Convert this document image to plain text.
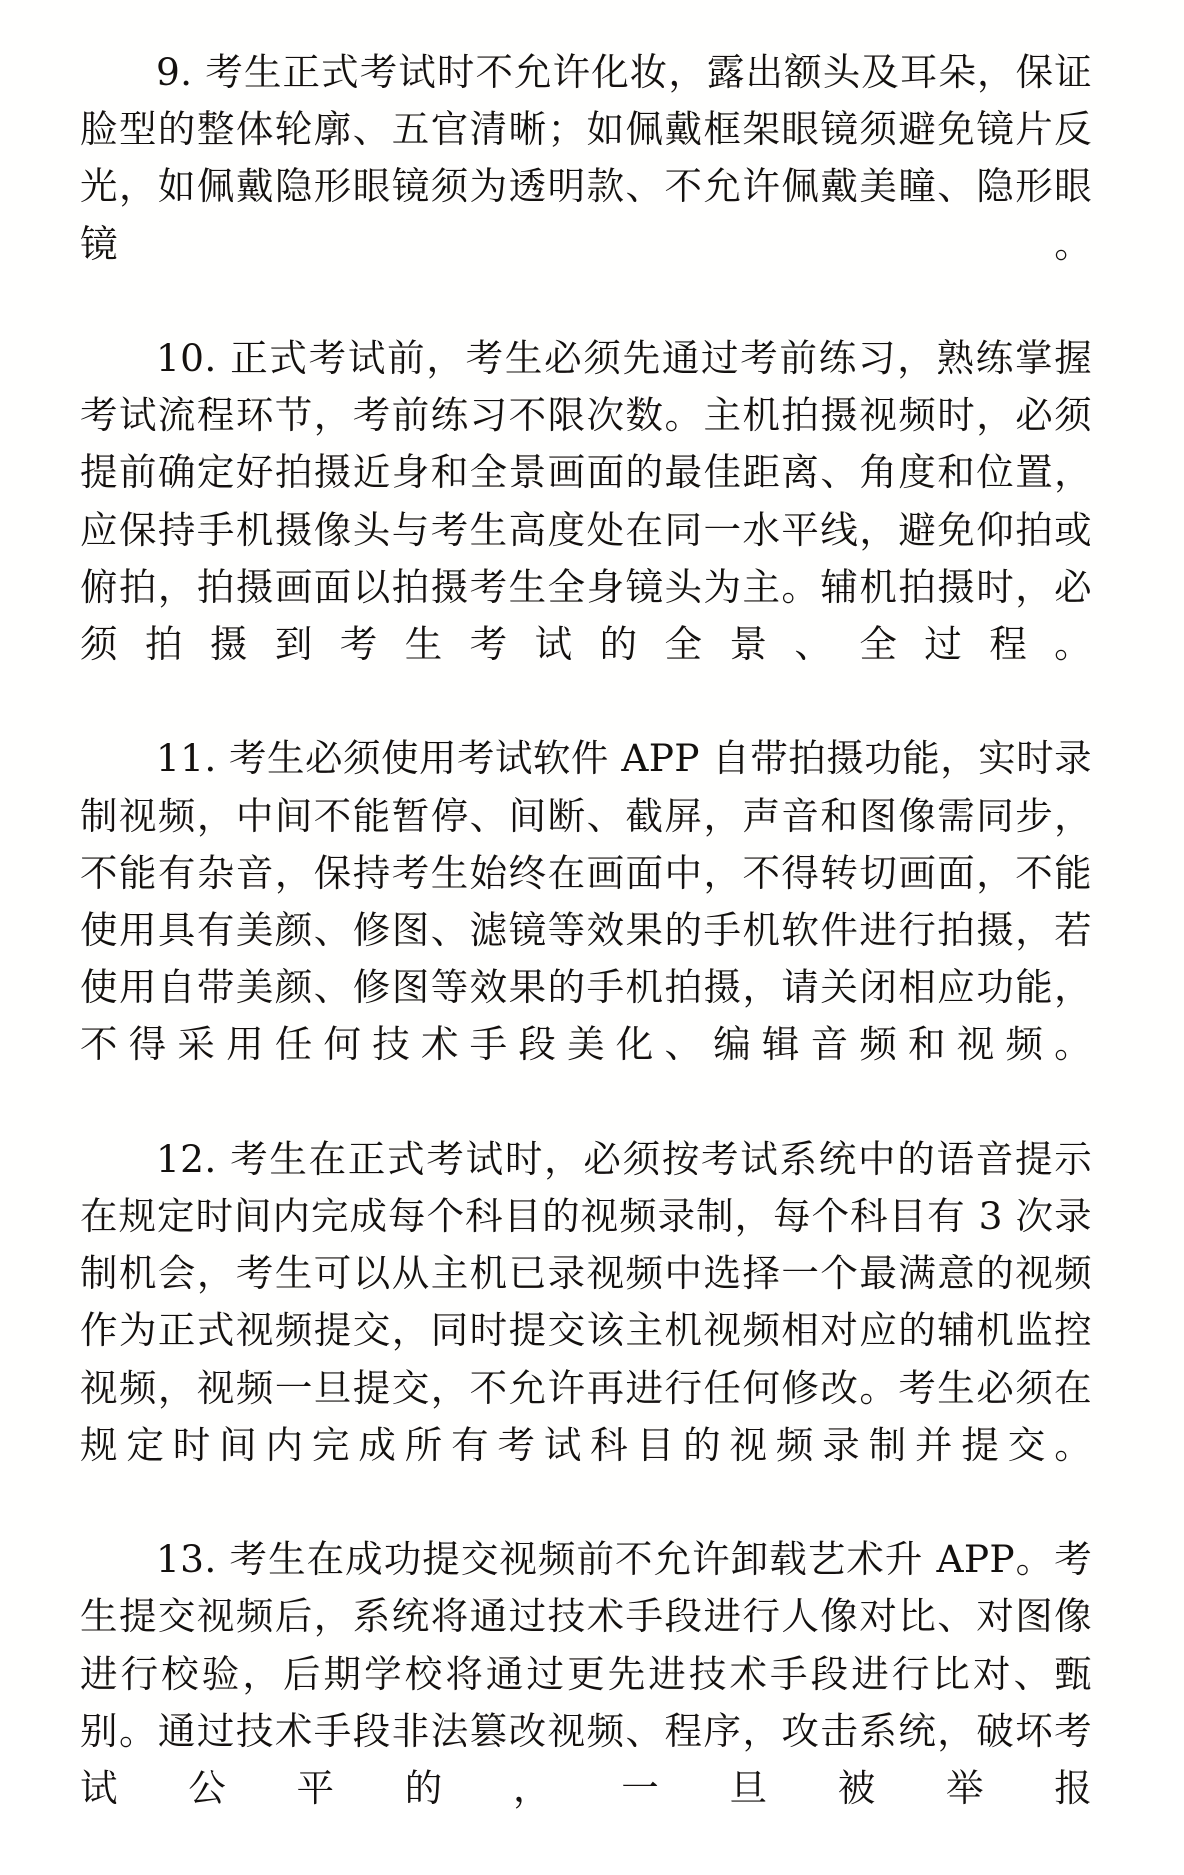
9. 考生正式考试时不允许化妆，露出额头及耳朵，保证脸型的整体轮廓、五官清晰；如佩戴框架眼镜须避免镜片反光，如佩戴隐形眼镜须为透明款、不允许佩戴美瞳、隐形眼镜。

10. 正式考试前，考生必须先通过考前练习，熟练掌握考试流程环节，考前练习不限次数。主机拍摄视频时，必须提前确定好拍摄近身和全景画面的最佳距离、角度和位置，应保持手机摄像头与考生高度处在同一水平线，避免仰拍或俯拍，拍摄画面以拍摄考生全身镜头为主。辅机拍摄时，必须拍摄到考生考试的全景、全过程。

11. 考生必须使用考试软件 APP 自带拍摄功能，实时录制视频，中间不能暂停、间断、截屏，声音和图像需同步，不能有杂音，保持考生始终在画面中，不得转切画面，不能使用具有美颜、修图、滤镜等效果的手机软件进行拍摄，若使用自带美颜、修图等效果的手机拍摄，请关闭相应功能，不得采用任何技术手段美化、编辑音频和视频。

12. 考生在正式考试时，必须按考试系统中的语音提示在规定时间内完成每个科目的视频录制，每个科目有 3 次录制机会，考生可以从主机已录视频中选择一个最满意的视频作为正式视频提交，同时提交该主机视频相对应的辅机监控视频，视频一旦提交，不允许再进行任何修改。考生必须在规定时间内完成所有考试科目的视频录制并提交。

13. 考生在成功提交视频前不允许卸载艺术升 APP。考生提交视频后，系统将通过技术手段进行人像对比、对图像进行校验，后期学校将通过更先进技术手段进行比对、甄别。通过技术手段非法篡改视频、程序，攻击系统，破坏考试公平的，一旦被举报
